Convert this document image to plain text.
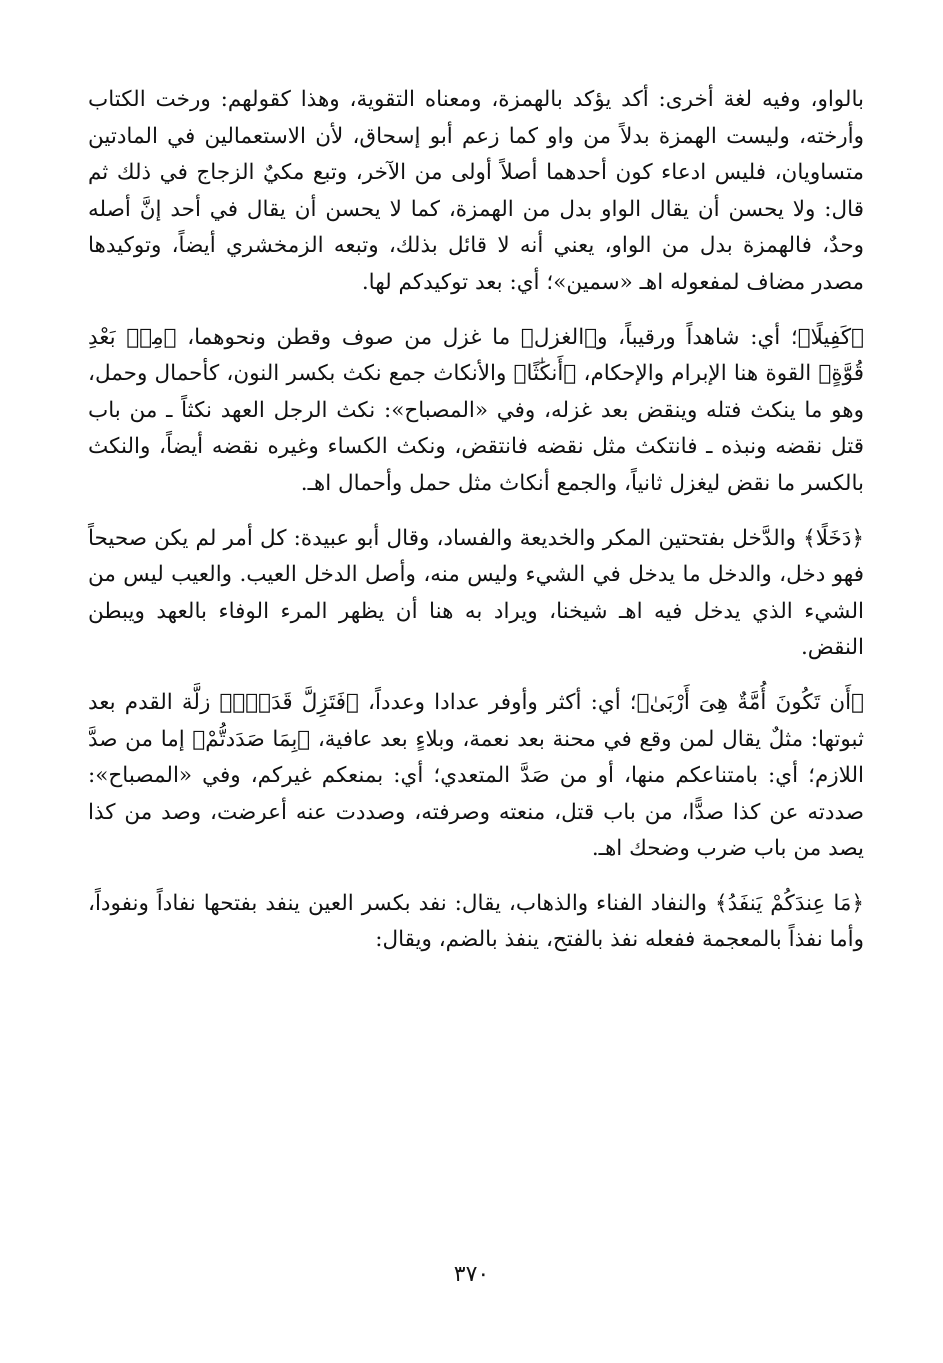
بالواو، وفيه لغة أخرى: أكد يؤكد بالهمزة، ومعناه التقوية، وهذا كقولهم: ورخت الكتاب وأرخته، وليست الهمزة بدلاً من واو كما زعم أبو إسحاق، لأن الاستعمالين في المادتين متساويان، فليس ادعاء كون أحدهما أصلاً أولى من الآخر، وتبع مكيٌ الزجاج في ذلك ثم قال: ولا يحسن أن يقال الواو بدل من الهمزة، كما لا يحسن أن يقال في أحد إنَّ أصله وحدٌ، فالهمزة بدل من الواو، يعني أنه لا قائل بذلك، وتبعه الزمخشري أيضاً، وتوكيدها مصدر مضاف لمفعوله اهـ «سمين»؛ أي: بعد توكيدكم لها.

﴿كَفِيلًا﴾؛ أي: شاهداً ورقيباً، و﴿الغزل﴾ ما غزل من صوف وقطن ونحوهما، ﴿مِنۢ بَعْدِ قُوَّةٍ﴾ القوة هنا الإبرام والإحكام، ﴿أَنكَٰثًا﴾ والأنكاث جمع نكث بكسر النون، كأحمال وحمل، وهو ما ينكث فتله وينقض بعد غزله، وفي «المصباح»: نكث الرجل العهد نكثاً ـ من باب قتل نقضه ونبذه ـ فانتكث مثل نقضه فانتقض، ونكث الكساء وغيره نقضه أيضاً، والنكث بالكسر ما نقض ليغزل ثانياً، والجمع أنكاث مثل حمل وأحمال اهـ.

﴿دَخَلًا﴾ والدَّخل بفتحتين المكر والخديعة والفساد، وقال أبو عبيدة: كل أمر لم يكن صحيحاً فهو دخل، والدخل ما يدخل في الشيء وليس منه، وأصل الدخل العيب. والعيب ليس من الشيء الذي يدخل فيه اهـ شيخنا، ويراد به هنا أن يظهر المرء الوفاء بالعهد ويبطن النقض.

﴿أَن تَكُونَ أُمَّةٌ هِىَ أَرْبَىٰ﴾؛ أي: أكثر وأوفر عدادا وعدداً، ﴿فَتَزِلَّ قَدَمٌۢ﴾ زلَّة القدم بعد ثبوتها: مثلٌ يقال لمن وقع في محنة بعد نعمة، وبلاءٍ بعد عافية، ﴿بِمَا صَدَدتُّمْ﴾ إما من صدَّ اللازم؛ أي: بامتناعكم منها، أو من صَدَّ المتعدي؛ أي: بمنعكم غيركم، وفي «المصباح»: صددته عن كذا صدًّا، من باب قتل، منعته وصرفته، وصددت عنه أعرضت، وصد من كذا يصد من باب ضرب وضحك اهـ.

﴿مَا عِندَكُمْ يَنفَدُ﴾ والنفاد الفناء والذهاب، يقال: نفد بكسر العين ينفد بفتحها نفاداً ونفوداً، وأما نفذاً بالمعجمة ففعله نفذ بالفتح، ينفذ بالضم، ويقال:

٣٧٠
